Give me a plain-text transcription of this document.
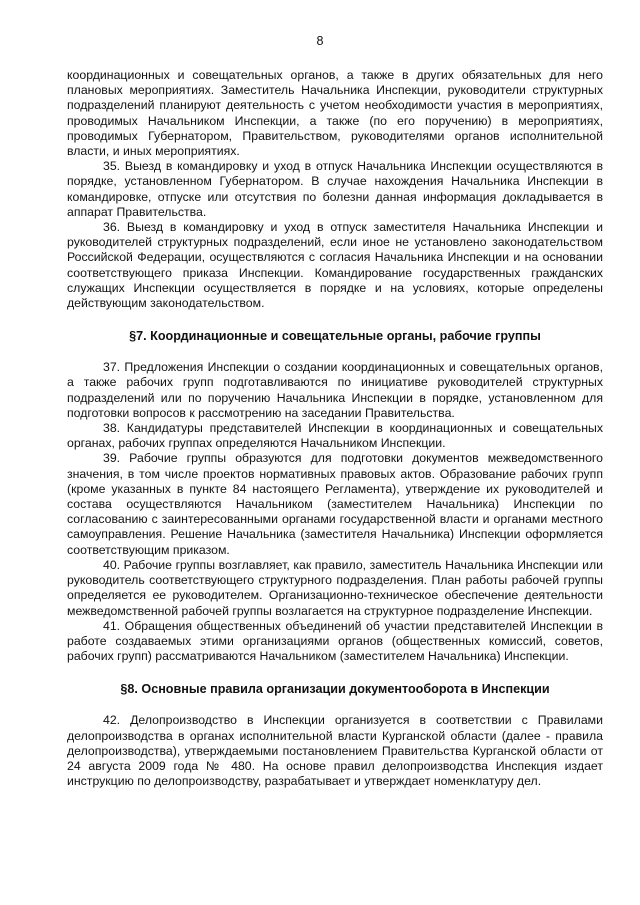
8

координационных и совещательных органов, а также в других обязательных для него плановых мероприятиях. Заместитель Начальника Инспекции, руководители структурных подразделений планируют деятельность с учетом необходимости участия в мероприятиях, проводимых Начальником Инспекции, а также (по его поручению) в мероприятиях, проводимых Губернатором, Правительством, руководителями органов исполнительной власти, и иных мероприятиях.

35. Выезд в командировку и уход в отпуск Начальника Инспекции осуществляются в порядке, установленном Губернатором. В случае нахождения Начальника Инспекции в командировке, отпуске или отсутствия по болезни данная информация докладывается в аппарат Правительства.

36. Выезд в командировку и уход в отпуск заместителя Начальника Инспекции и руководителей структурных подразделений, если иное не установлено законодательством Российской Федерации, осуществляются с согласия Начальника Инспекции и на основании соответствующего приказа Инспекции. Командирование государственных гражданских служащих Инспекции осуществляется в порядке и на условиях, которые определены действующим законодательством.

§7. Координационные и совещательные органы, рабочие группы

37. Предложения Инспекции о создании координационных и совещательных органов, а также рабочих групп подготавливаются по инициативе руководителей структурных подразделений или по поручению Начальника Инспекции в порядке, установленном для подготовки вопросов к рассмотрению на заседании Правительства.

38. Кандидатуры представителей Инспекции в координационных и совещательных органах, рабочих группах определяются Начальником Инспекции.

39. Рабочие группы образуются для подготовки документов межведомственного значения, в том числе проектов нормативных правовых актов. Образование рабочих групп (кроме указанных в пункте 84 настоящего Регламента), утверждение их руководителей и состава осуществляются Начальником (заместителем Начальника) Инспекции по согласованию с заинтересованными органами государственной власти и органами местного самоуправления. Решение Начальника (заместителя Начальника) Инспекции оформляется соответствующим приказом.

40. Рабочие группы возглавляет, как правило, заместитель Начальника Инспекции или руководитель соответствующего структурного подразделения. План работы рабочей группы определяется ее руководителем. Организационно-техническое обеспечение деятельности межведомственной рабочей группы возлагается на структурное подразделение Инспекции.

41. Обращения общественных объединений об участии представителей Инспекции в работе создаваемых этими организациями органов (общественных комиссий, советов, рабочих групп) рассматриваются Начальником (заместителем Начальника) Инспекции.

§8. Основные правила организации документооборота в Инспекции

42. Делопроизводство в Инспекции организуется в соответствии с Правилами делопроизводства в органах исполнительной власти Курганской области (далее - правила делопроизводства), утверждаемыми постановлением Правительства Курганской области от 24 августа 2009 года № 480. На основе правил делопроизводства Инспекция издает инструкцию по делопроизводству, разрабатывает и утверждает номенклатуру дел.
